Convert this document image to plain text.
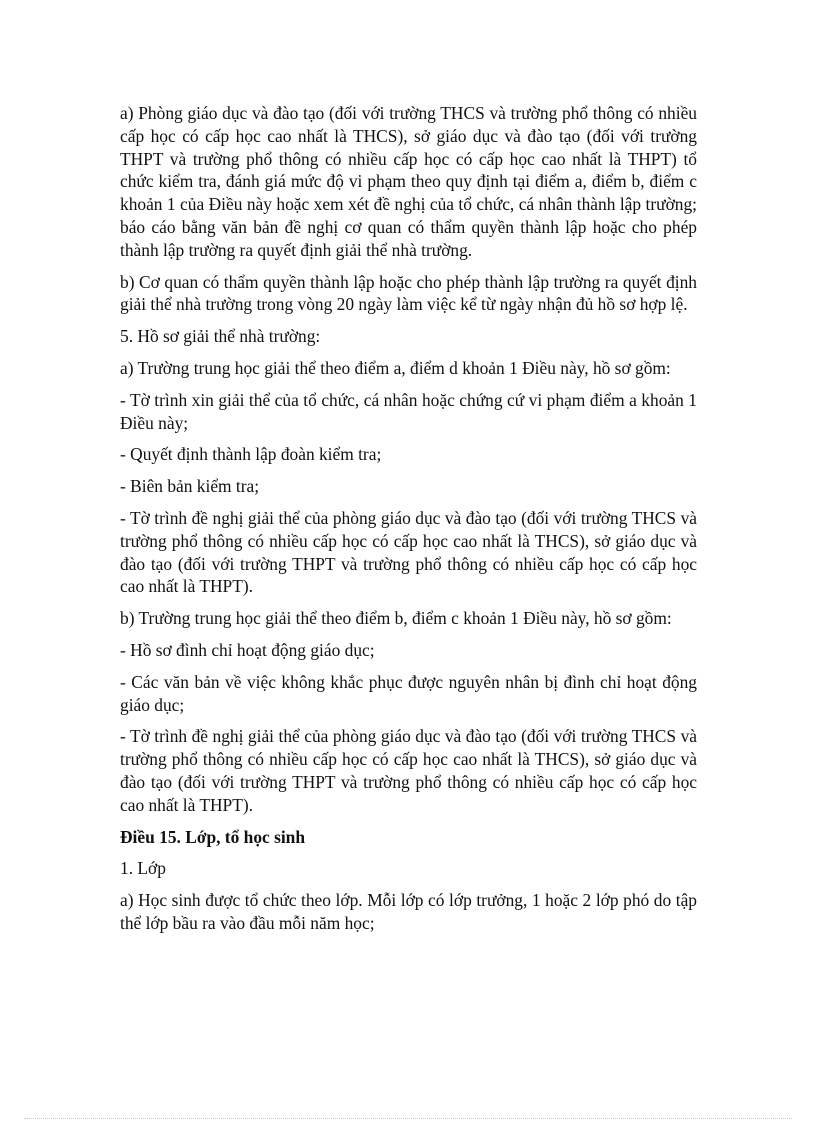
a) Phòng giáo dục và đào tạo (đối với trường THCS và trường phổ thông có nhiều cấp học có cấp học cao nhất là THCS), sở giáo dục và đào tạo (đối với trường THPT và trường phổ thông có nhiều cấp học có cấp học cao nhất là THPT) tổ chức kiểm tra, đánh giá mức độ vi phạm theo quy định tại điểm a, điểm b, điểm c khoản 1 của Điều này hoặc xem xét đề nghị của tổ chức, cá nhân thành lập trường; báo cáo bằng văn bản đề nghị cơ quan có thẩm quyền thành lập hoặc cho phép thành lập trường ra quyết định giải thể nhà trường.

b) Cơ quan có thẩm quyền thành lập hoặc cho phép thành lập trường ra quyết định giải thể nhà trường trong vòng 20 ngày làm việc kể từ ngày nhận đủ hồ sơ hợp lệ.

5. Hồ sơ giải thể nhà trường:

a) Trường trung học giải thể theo điểm a, điểm d khoản 1 Điều này, hồ sơ gồm:

- Tờ trình xin giải thể của tổ chức, cá nhân hoặc chứng cứ vi phạm điểm a khoản 1 Điều này;

- Quyết định thành lập đoàn kiểm tra;

- Biên bản kiểm tra;

- Tờ trình đề nghị giải thể của phòng giáo dục và đào tạo (đối với trường THCS và trường phổ thông có nhiều cấp học có cấp học cao nhất là THCS), sở giáo dục và đào tạo (đối với trường THPT và trường phổ thông có nhiều cấp học có cấp học cao nhất là THPT).

b) Trường trung học giải thể theo điểm b, điểm c khoản 1 Điều này, hồ sơ gồm:

- Hồ sơ đình chỉ hoạt động giáo dục;

- Các văn bản về việc không khắc phục được nguyên nhân bị đình chỉ hoạt động giáo dục;

- Tờ trình đề nghị giải thể của phòng giáo dục và đào tạo (đối với trường THCS và trường phổ thông có nhiều cấp học có cấp học cao nhất là THCS), sở giáo dục và đào tạo (đối với trường THPT và trường phổ thông có nhiều cấp học có cấp học cao nhất là THPT).

Điều 15. Lớp, tổ học sinh

1. Lớp

a) Học sinh được tổ chức theo lớp. Mỗi lớp có lớp trưởng, 1 hoặc 2 lớp phó do tập thể lớp bầu ra vào đầu mỗi năm học;
